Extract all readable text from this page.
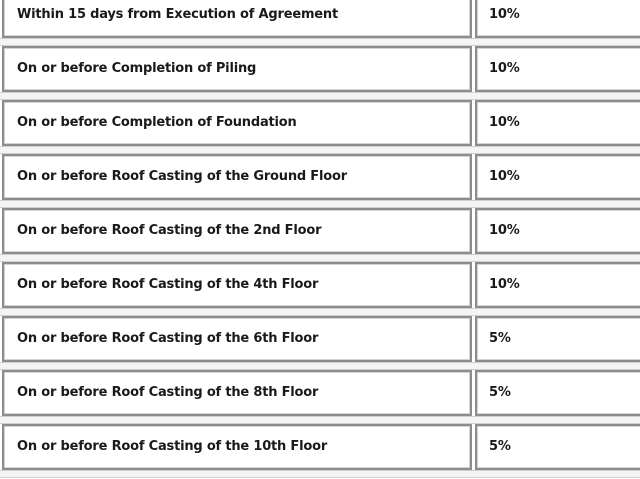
Within 15 days from Execution of Agreement	10%
On or before Completion of Piling	10%
On or before Completion of Foundation	10%
On or before Roof Casting of the Ground Floor	10%
On or before Roof Casting of the 2nd Floor	10%
On or before Roof Casting of the 4th Floor	10%
On or before Roof Casting of the 6th Floor	5%
On or before Roof Casting of the 8th Floor	5%
On or before Roof Casting of the 10th Floor	5%
